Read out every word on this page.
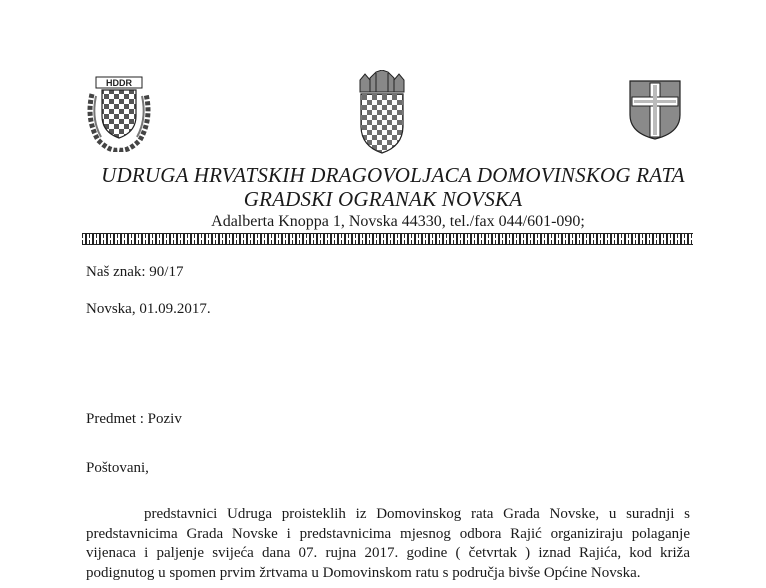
HDDR
UDRUGA HRVATSKIH DRAGOVOLJACA DOMOVINSKOG RATA
GRADSKI OGRANAK NOVSKA
Adalberta Knoppa 1, Novska 44330, tel./fax 044/601-090;
Naš znak: 90/17
Novska, 01.09.2017.
Predmet : Poziv
Poštovani,
predstavnici Udruga proisteklih iz Domovinskog rata Grada Novske, u suradnji s
predstavnicima Grada Novske i predstavnicima mjesnog odbora Rajić organiziraju polaganje
vijenaca i paljenje svijeća dana 07. rujna 2017. godine ( četvrtak ) iznad Rajića, kod križa
podignutog u spomen prvim žrtvama u Domovinskom ratu s područja bivše Općine Novska.
